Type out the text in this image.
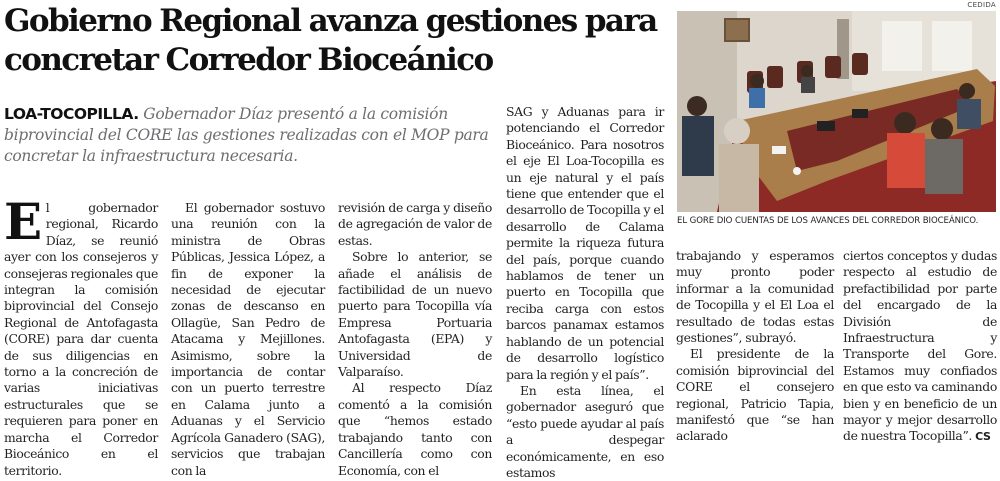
Gobierno Regional avanza gestiones para concretar Corredor Bioceánico
LOA-TOCOPILLA. Gobernador Díaz presentó a la comisión biprovincial del CORE las gestiones realizadas con el MOP para concretar la infraestructura necesaria.

El gobernador regional, Ricardo Díaz, se reunió ayer con los consejeros y consejeras regionales que integran la comisión biprovincial del Consejo Regional de Antofagasta (CORE) para dar cuenta de sus diligencias en torno a la concreción de varias iniciativas estructurales que se requieren para poner en marcha el Corredor Bioceánico en el territorio.

El gobernador sostuvo una reunión con la ministra de Obras Públicas, Jessica López, a fin de exponer la necesidad de ejecutar zonas de descanso en Ollagüe, San Pedro de Atacama y Mejillones. Asimismo, sobre la importancia de contar con un puerto terrestre en Calama junto a Aduanas y el Servicio Agrícola Ganadero (SAG), servicios que trabajan con la

revisión de carga y diseño de agregación de valor de estas.

Sobre lo anterior, se añade el análisis de factibilidad de un nuevo puerto para Tocopilla vía Empresa Portuaria Antofagasta (EPA) y Universidad de Valparaíso.

Al respecto Díaz comentó a la comisión que “hemos estado trabajando tanto con Cancillería como con Economía, con el

SAG y Aduanas para ir potenciando el Corredor Bioceánico. Para nosotros el eje El Loa-Tocopilla es un eje natural y el país tiene que entender que el desarrollo de Tocopilla y el desarrollo de Calama permite la riqueza futura del país, porque cuando hablamos de tener un puerto en Tocopilla que reciba carga con estos barcos panamax estamos hablando de un potencial de desarrollo logístico para la región y el país”.

En esta línea, el gobernador aseguró que “esto puede ayudar al país a despegar económicamente, en eso estamos

CEDIDA
EL GORE DIO CUENTAS DE LOS AVANCES DEL CORREDOR BIOCEÁNICO.

trabajando y esperamos muy pronto poder informar a la comunidad de Tocopilla y el El Loa el resultado de todas estas gestiones”, subrayó.

El presidente de la comisión biprovincial del CORE el consejero regional, Patricio Tapia, manifestó que “se han aclarado

ciertos conceptos y dudas respecto al estudio de prefactibilidad por parte del encargado de la División de Infraestructura y Transporte del Gore. Estamos muy confiados en que esto va caminando bien y en beneficio de un mayor y mejor desarrollo de nuestra Tocopilla”. CS
